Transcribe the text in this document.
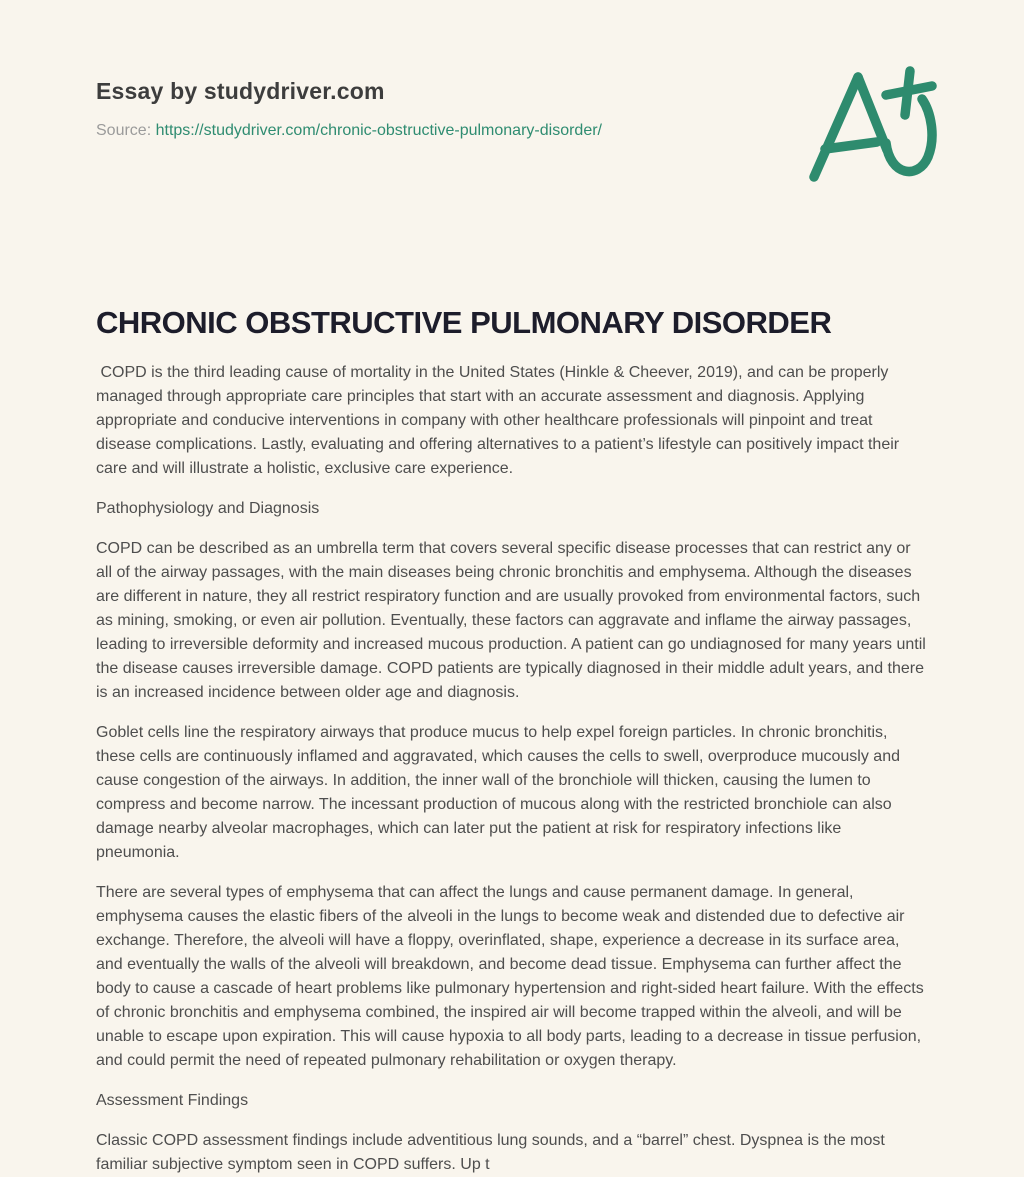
Essay by studydriver.com
Source: https://studydriver.com/chronic-obstructive-pulmonary-disorder/
CHRONIC OBSTRUCTIVE PULMONARY DISORDER

COPD is the third leading cause of mortality in the United States (Hinkle & Cheever, 2019), and can be properly managed through appropriate care principles that start with an accurate assessment and diagnosis. Applying appropriate and conducive interventions in company with other healthcare professionals will pinpoint and treat disease complications. Lastly, evaluating and offering alternatives to a patient’s lifestyle can positively impact their care and will illustrate a holistic, exclusive care experience.

Pathophysiology and Diagnosis

COPD can be described as an umbrella term that covers several specific disease processes that can restrict any or all of the airway passages, with the main diseases being chronic bronchitis and emphysema. Although the diseases are different in nature, they all restrict respiratory function and are usually provoked from environmental factors, such as mining, smoking, or even air pollution. Eventually, these factors can aggravate and inflame the airway passages, leading to irreversible deformity and increased mucous production. A patient can go undiagnosed for many years until the disease causes irreversible damage. COPD patients are typically diagnosed in their middle adult years, and there is an increased incidence between older age and diagnosis.

Goblet cells line the respiratory airways that produce mucus to help expel foreign particles. In chronic bronchitis, these cells are continuously inflamed and aggravated, which causes the cells to swell, overproduce mucously and cause congestion of the airways. In addition, the inner wall of the bronchiole will thicken, causing the lumen to compress and become narrow. The incessant production of mucous along with the restricted bronchiole can also damage nearby alveolar macrophages, which can later put the patient at risk for respiratory infections like pneumonia.

There are several types of emphysema that can affect the lungs and cause permanent damage. In general, emphysema causes the elastic fibers of the alveoli in the lungs to become weak and distended due to defective air exchange. Therefore, the alveoli will have a floppy, overinflated, shape, experience a decrease in its surface area, and eventually the walls of the alveoli will breakdown, and become dead tissue. Emphysema can further affect the body to cause a cascade of heart problems like pulmonary hypertension and right-sided heart failure. With the effects of chronic bronchitis and emphysema combined, the inspired air will become trapped within the alveoli, and will be unable to escape upon expiration. This will cause hypoxia to all body parts, leading to a decrease in tissue perfusion, and could permit the need of repeated pulmonary rehabilitation or oxygen therapy.

Assessment Findings

Classic COPD assessment findings include adventitious lung sounds, and a “barrel” chest. Dyspnea is the most familiar subjective symptom seen in COPD suffers. Up t
